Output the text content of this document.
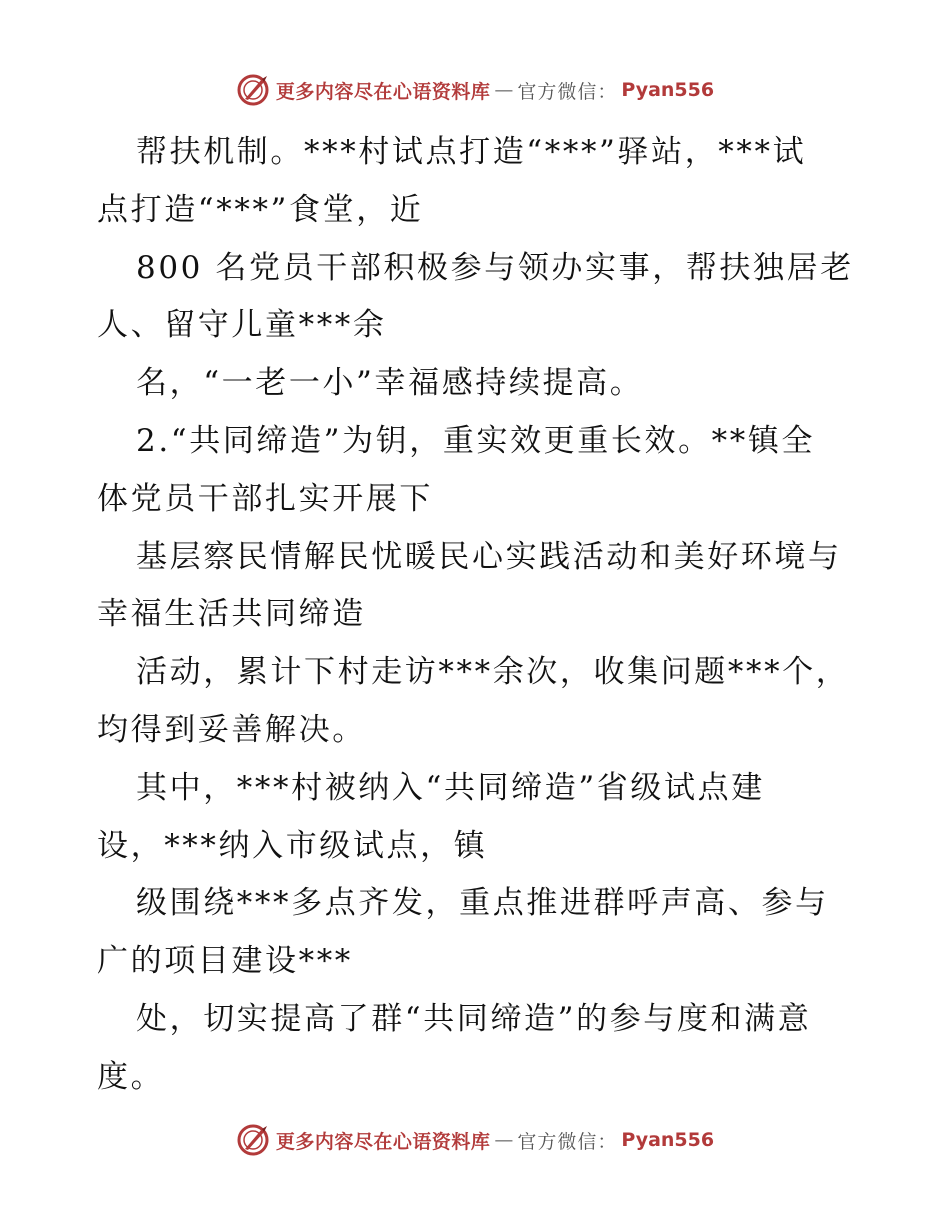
更多内容尽在心语资料库 — 官方微信： Pyan556
帮扶机制。***村试点打造“***”驿站，***试
点打造“***”食堂，近
800 名党员干部积极参与领办实事，帮扶独居老
人、留守儿童***余
名，“一老一小”幸福感持续提高。
2.“共同缔造”为钥，重实效更重长效。**镇全
体党员干部扎实开展下
基层察民情解民忧暖民心实践活动和美好环境与
幸福生活共同缔造
活动，累计下村走访***余次，收集问题***个，
均得到妥善解决。
其中，***村被纳入“共同缔造”省级试点建
设，***纳入市级试点，镇
级围绕***多点齐发，重点推进群呼声高、参与
广的项目建设***
处，切实提高了群“共同缔造”的参与度和满意
度。
更多内容尽在心语资料库 — 官方微信： Pyan556
